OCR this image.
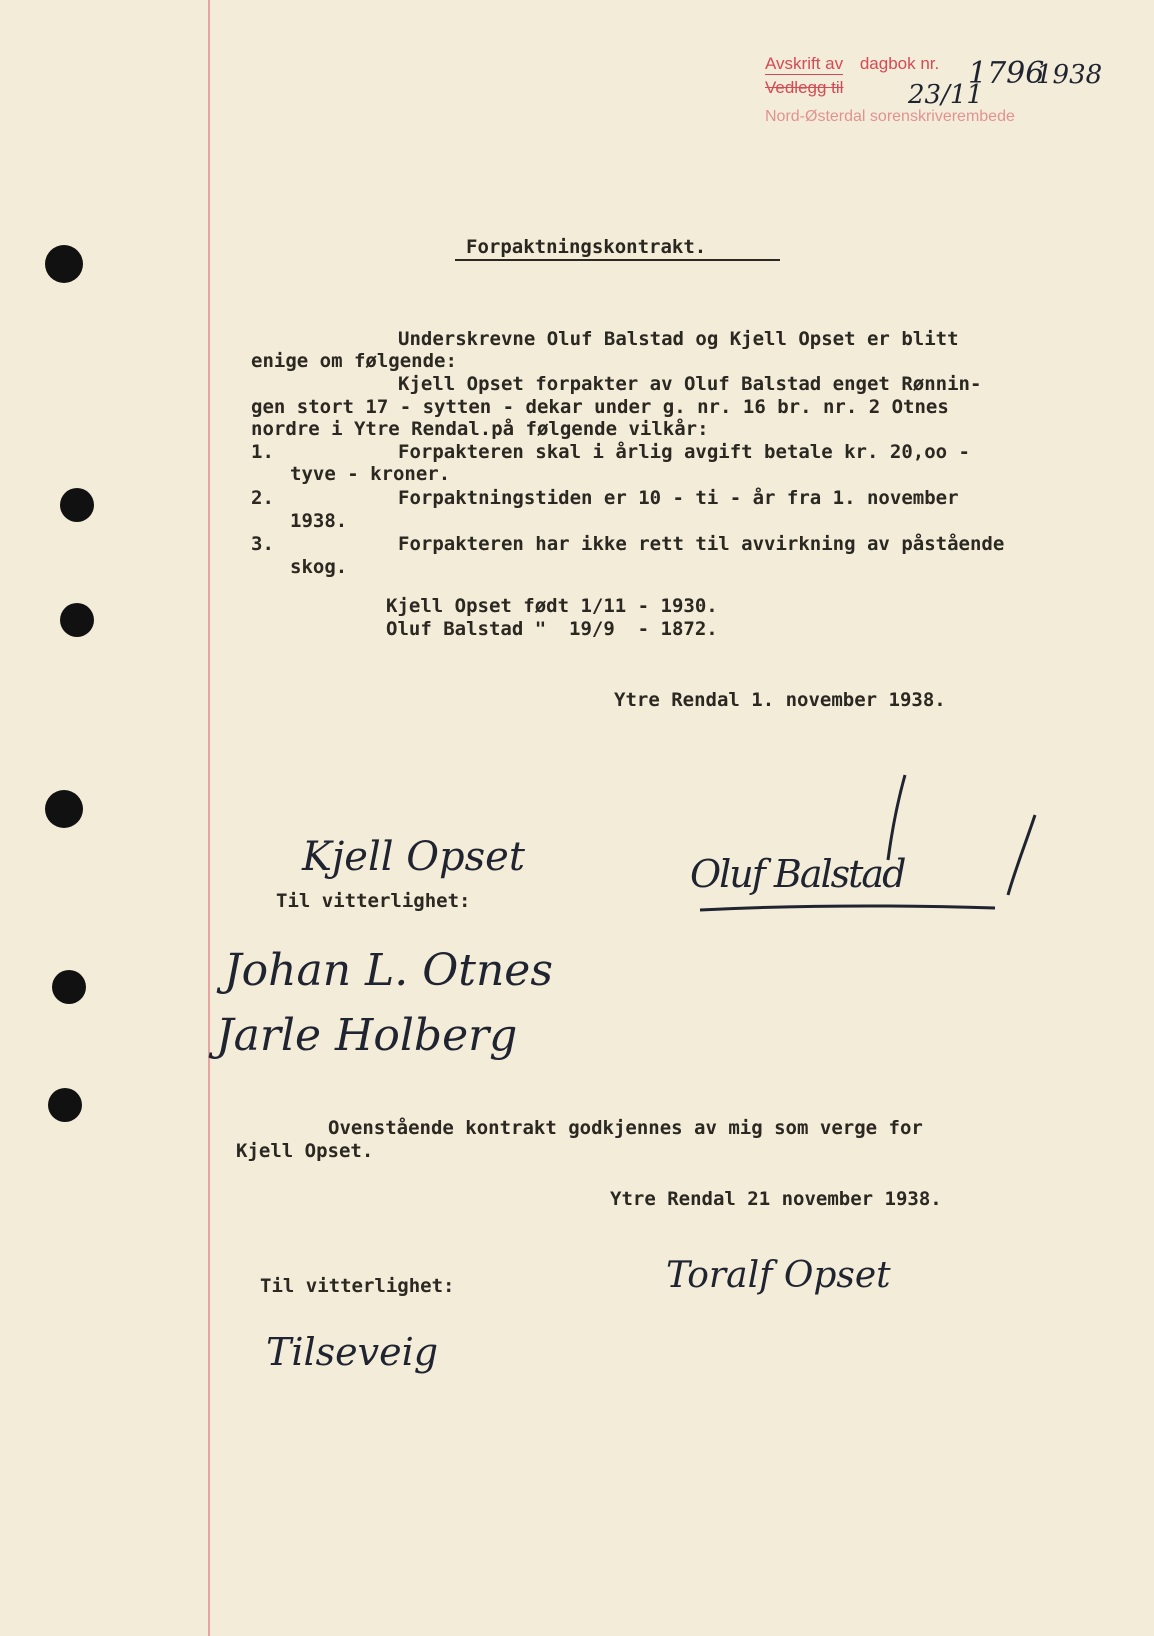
Avskrift av dagbok nr.
Vedlegg til
Nord-Østerdal sorenskriverembede
1796
1938
23/11
Forpaktningskontrakt.
Underskrevne Oluf Balstad og Kjell Opset er blitt
enige om følgende:
Kjell Opset forpakter av Oluf Balstad enget Rønnin-
gen stort 17 - sytten - dekar under g. nr. 16 br. nr. 2 Otnes
nordre i Ytre Rendal.på følgende vilkår:
1.	Forpakteren skal i årlig avgift betale kr. 20,oo -
tyve - kroner.
2.	Forpaktningstiden er 10 - ti - år fra 1. november
1938.
3.	Forpakteren har ikke rett til avvirkning av påstående
skog.
Kjell Opset født 1/11 - 1930.
Oluf Balstad "  19/9  - 1872.
Ytre Rendal 1. november 1938.
Til vitterlighet:
Ovenstående kontrakt godkjennes av mig som verge for
Kjell Opset.
Ytre Rendal 21 november 1938.
Til vitterlighet:
Kjell Opset	Oluf Balstad
Johan L. Otnes
Jarle Holberg
Toralf Opset
Tilseveig
